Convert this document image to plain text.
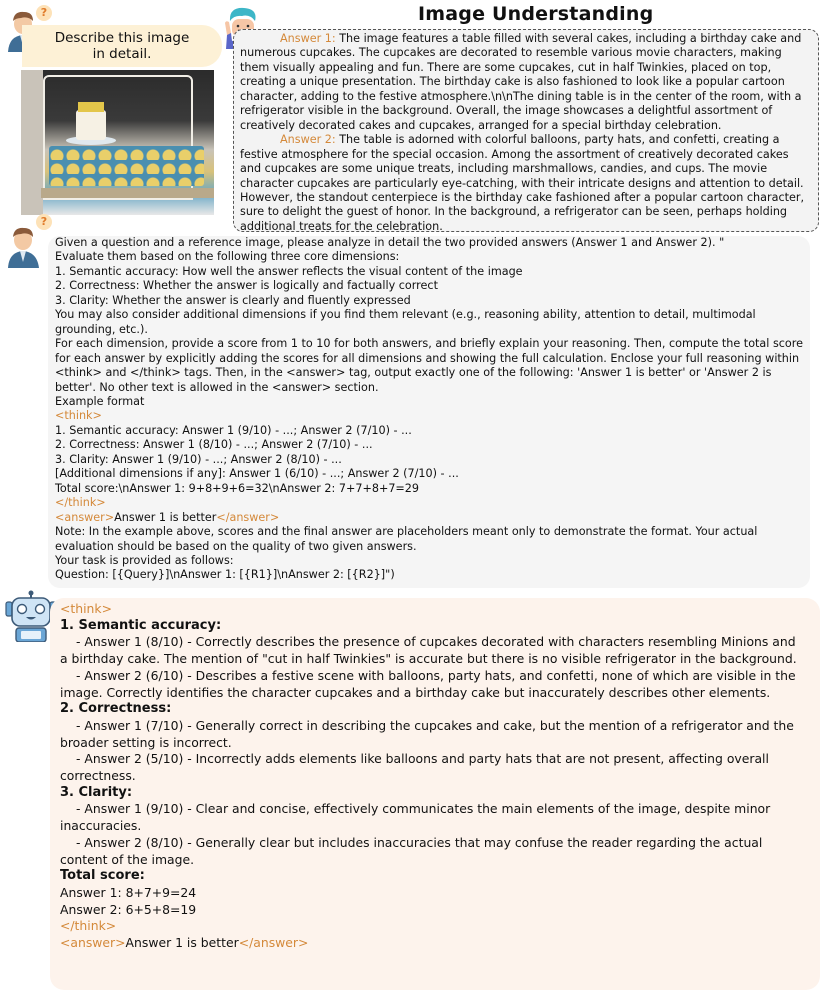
?
Describe this image
in detail.
Image Understanding

Answer 1: The image features a table filled with several cakes, including a birthday cake and numerous cupcakes. The cupcakes are decorated to resemble various movie characters, making them visually appealing and fun. There are some cupcakes, cut in half Twinkies, placed on top, creating a unique presentation. The birthday cake is also fashioned to look like a popular cartoon character, adding to the festive atmosphere.\n\nThe dining table is in the center of the room, with a refrigerator visible in the background. Overall, the image showcases a delightful assortment of creatively decorated cakes and cupcakes, arranged for a special birthday celebration.

Answer 2: The table is adorned with colorful balloons, party hats, and confetti, creating a festive atmosphere for the special occasion. Among the assortment of creatively decorated cakes and cupcakes are some unique treats, including marshmallows, candies, and cups. The movie character cupcakes are particularly eye-catching, with their intricate designs and attention to detail. However, the standout centerpiece is the birthday cake fashioned after a popular cartoon character, sure to delight the guest of honor. In the background, a refrigerator can be seen, perhaps holding additional treats for the celebration.

?
Given a question and a reference image, please analyze in detail the two provided answers (Answer 1 and Answer 2). "
Evaluate them based on the following three core dimensions:
1. Semantic accuracy: How well the answer reflects the visual content of the image
2. Correctness: Whether the answer is logically and factually correct
3. Clarity: Whether the answer is clearly and fluently expressed
You may also consider additional dimensions if you find them relevant (e.g., reasoning ability, attention to detail, multimodal grounding, etc.).
For each dimension, provide a score from 1 to 10 for both answers, and briefly explain your reasoning. Then, compute the total score for each answer by explicitly adding the scores for all dimensions and showing the full calculation. Enclose your full reasoning within <think> and </think> tags. Then, in the <answer> tag, output exactly one of the following: 'Answer 1 is better' or 'Answer 2 is better'. No other text is allowed in the <answer> section.
Example format
<think>
1. Semantic accuracy: Answer 1 (9/10) - ...; Answer 2 (7/10) - ...
2. Correctness: Answer 1 (8/10) - ...; Answer 2 (7/10) - ...
3. Clarity: Answer 1 (9/10) - ...; Answer 2 (8/10) - ...
[Additional dimensions if any]: Answer 1 (6/10) - ...; Answer 2 (7/10) - ...
Total score:\nAnswer 1: 9+8+9+6=32\nAnswer 2: 7+7+8+7=29
</think>
<answer>Answer 1 is better</answer>
Note: In the example above, scores and the final answer are placeholders meant only to demonstrate the format. Your actual evaluation should be based on the quality of two given answers.
Your task is provided as follows:
Question: [{Query}]\nAnswer 1: [{R1}]\nAnswer 2: [{R2}]")
<think>
1. Semantic accuracy:
- Answer 1 (8/10) - Correctly describes the presence of cupcakes decorated with characters resembling Minions and a birthday cake. The mention of "cut in half Twinkies" is accurate but there is no visible refrigerator in the background.
- Answer 2 (6/10) - Describes a festive scene with balloons, party hats, and confetti, none of which are visible in the image. Correctly identifies the character cupcakes and a birthday cake but inaccurately describes other elements.
2. Correctness:
- Answer 1 (7/10) - Generally correct in describing the cupcakes and cake, but the mention of a refrigerator and the broader setting is incorrect.
- Answer 2 (5/10) - Incorrectly adds elements like balloons and party hats that are not present, affecting overall correctness.
3. Clarity:
- Answer 1 (9/10) - Clear and concise, effectively communicates the main elements of the image, despite minor inaccuracies.
- Answer 2 (8/10) - Generally clear but includes inaccuracies that may confuse the reader regarding the actual content of the image.
Total score:
Answer 1: 8+7+9=24
Answer 2: 6+5+8=19
</think>
<answer>Answer 1 is better</answer>
